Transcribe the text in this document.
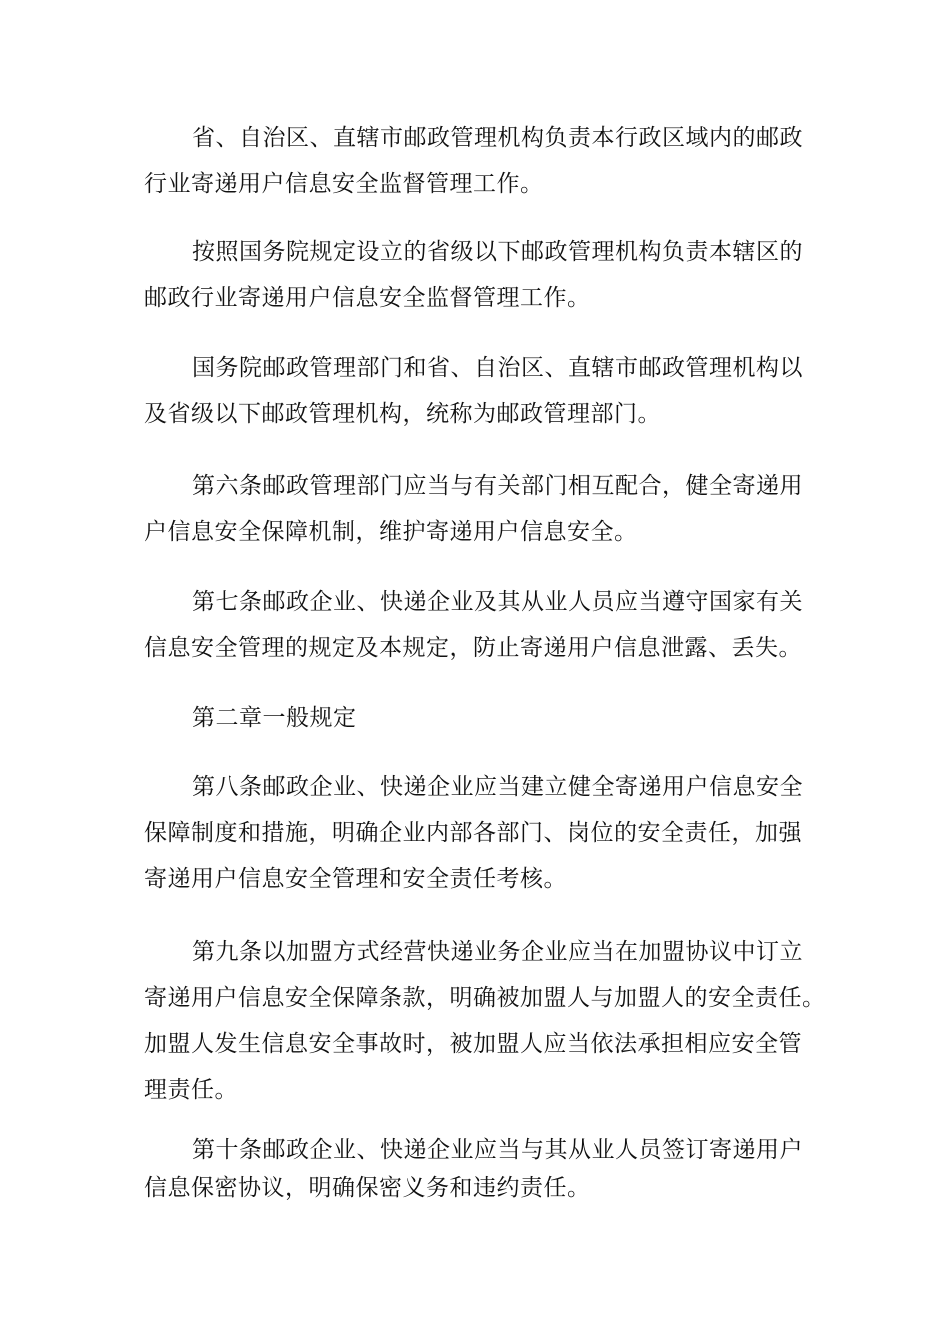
省、自治区、直辖市邮政管理机构负责本行政区域内的邮政
行业寄递用户信息安全监督管理工作。

按照国务院规定设立的省级以下邮政管理机构负责本辖区的
邮政行业寄递用户信息安全监督管理工作。

国务院邮政管理部门和省、自治区、直辖市邮政管理机构以
及省级以下邮政管理机构，统称为邮政管理部门。

第六条邮政管理部门应当与有关部门相互配合，健全寄递用
户信息安全保障机制，维护寄递用户信息安全。

第七条邮政企业、快递企业及其从业人员应当遵守国家有关
信息安全管理的规定及本规定，防止寄递用户信息泄露、丢失。

第二章一般规定

第八条邮政企业、快递企业应当建立健全寄递用户信息安全
保障制度和措施，明确企业内部各部门、岗位的安全责任，加强
寄递用户信息安全管理和安全责任考核。

第九条以加盟方式经营快递业务企业应当在加盟协议中订立
寄递用户信息安全保障条款，明确被加盟人与加盟人的安全责任。
加盟人发生信息安全事故时，被加盟人应当依法承担相应安全管
理责任。

第十条邮政企业、快递企业应当与其从业人员签订寄递用户
信息保密协议，明确保密义务和违约责任。
